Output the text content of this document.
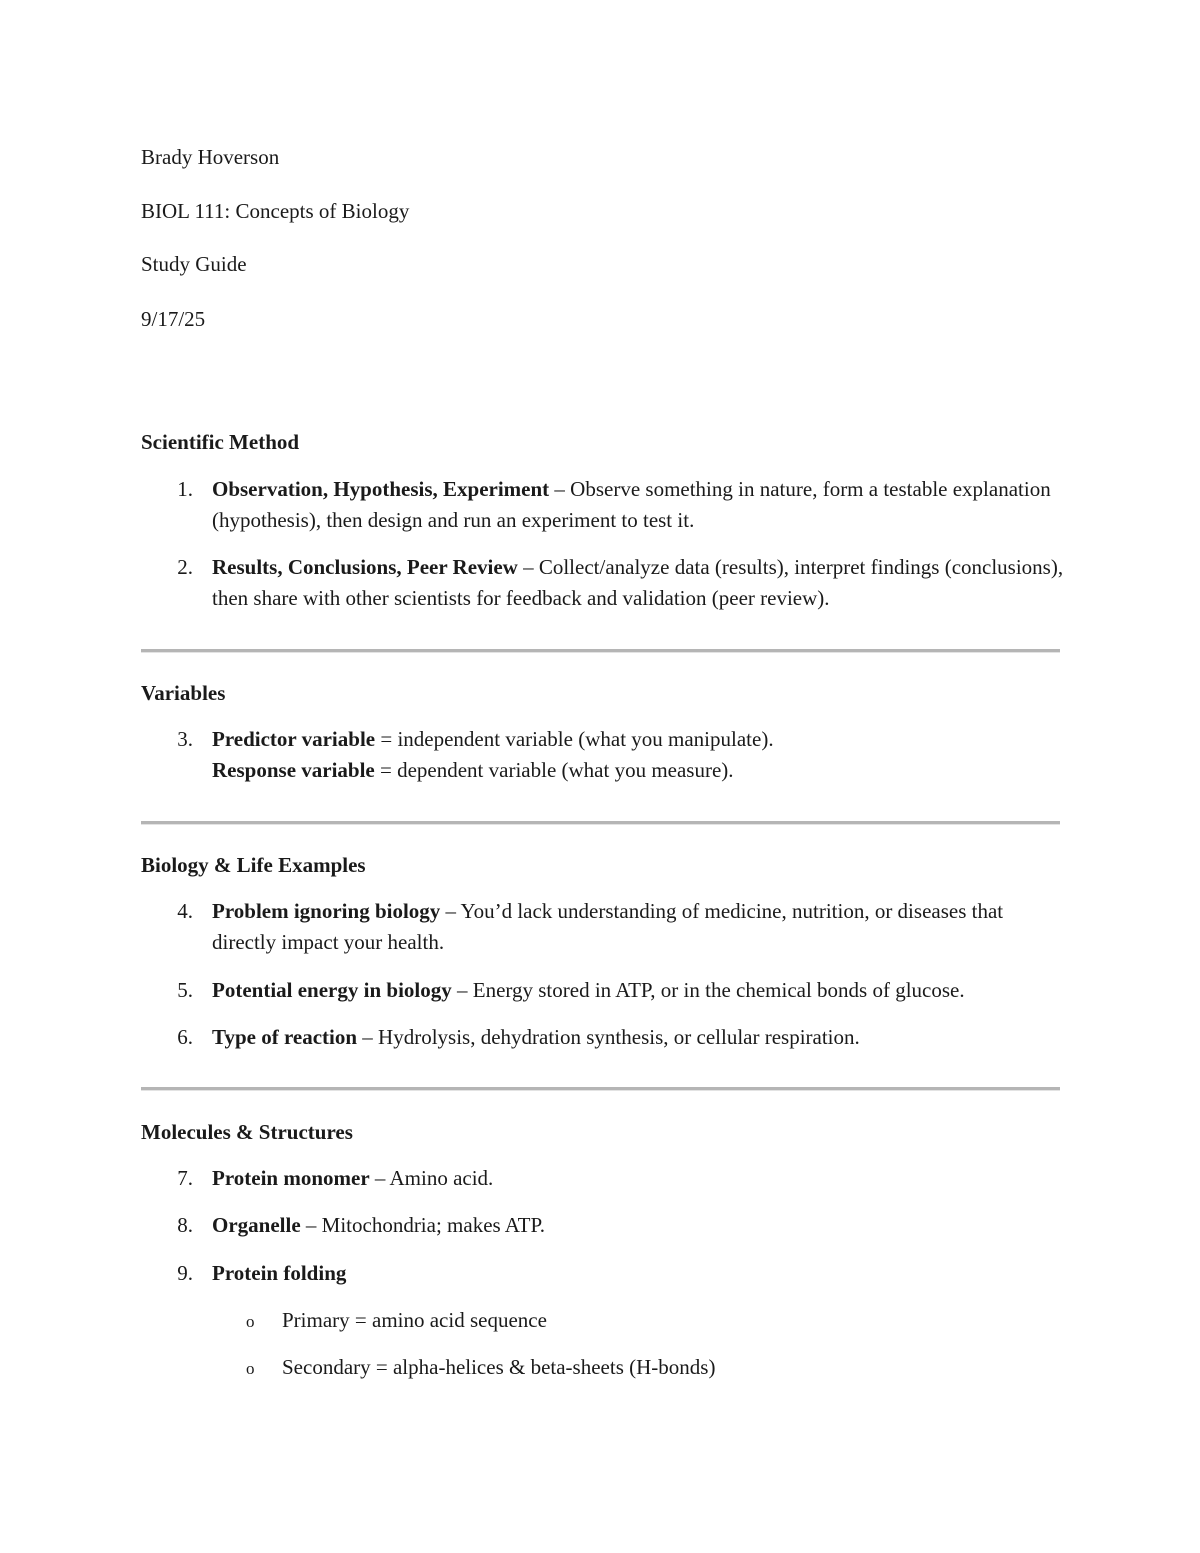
Brady Hoverson
BIOL 111: Concepts of Biology
Study Guide
9/17/25
Scientific Method
1. Observation, Hypothesis, Experiment – Observe something in nature, form a testable explanation (hypothesis), then design and run an experiment to test it.
2. Results, Conclusions, Peer Review – Collect/analyze data (results), interpret findings (conclusions), then share with other scientists for feedback and validation (peer review).
Variables
3. Predictor variable = independent variable (what you manipulate).
Response variable = dependent variable (what you measure).
Biology & Life Examples
4. Problem ignoring biology – You’d lack understanding of medicine, nutrition, or diseases that directly impact your health.
5. Potential energy in biology – Energy stored in ATP, or in the chemical bonds of glucose.
6. Type of reaction – Hydrolysis, dehydration synthesis, or cellular respiration.
Molecules & Structures
7. Protein monomer – Amino acid.
8. Organelle – Mitochondria; makes ATP.
9. Protein folding
o Primary = amino acid sequence
o Secondary = alpha-helices & beta-sheets (H-bonds)
